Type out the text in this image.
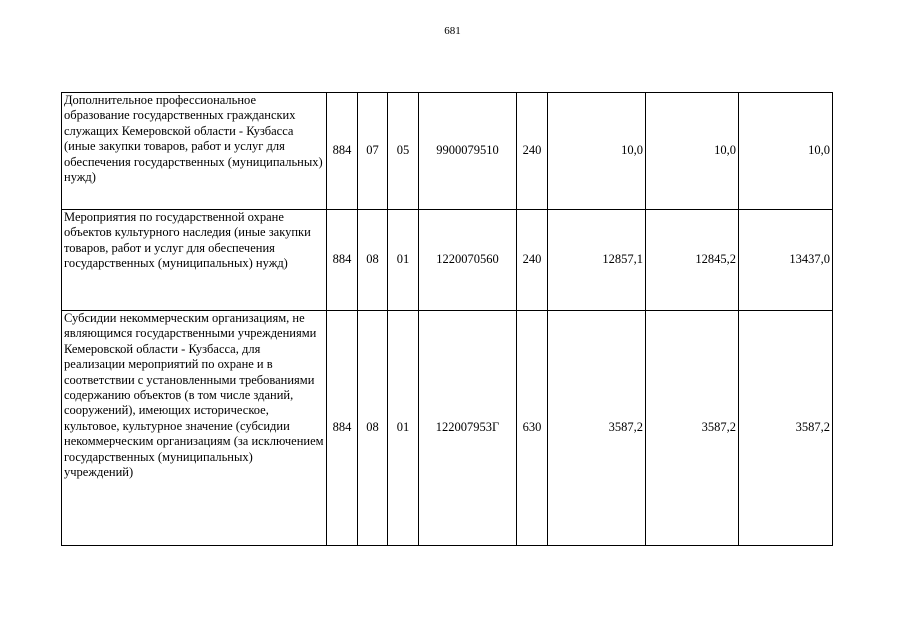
681
Дополнительное профессиональное образование государственных гражданских служащих Кемеровской области - Кузбасса (иные закупки товаров, работ и услуг для обеспечения государственных (муниципальных) нужд)	884	07	05	9900079510	240	10,0	10,0	10,0
Мероприятия по государственной охране объектов культурного наследия (иные закупки товаров, работ и услуг для обеспечения государственных (муниципальных) нужд)	884	08	01	1220070560	240	12857,1	12845,2	13437,0
Субсидии некоммерческим организациям, не являющимся государственными учреждениями Кемеровской области - Кузбасса, для реализации мероприятий по охране и в соответствии с установленными требованиями содержанию объектов (в том числе зданий, сооружений), имеющих историческое, культовое, культурное значение (субсидии некоммерческим организациям (за исключением государственных (муниципальных) учреждений)	884	08	01	122007953Г	630	3587,2	3587,2	3587,2
